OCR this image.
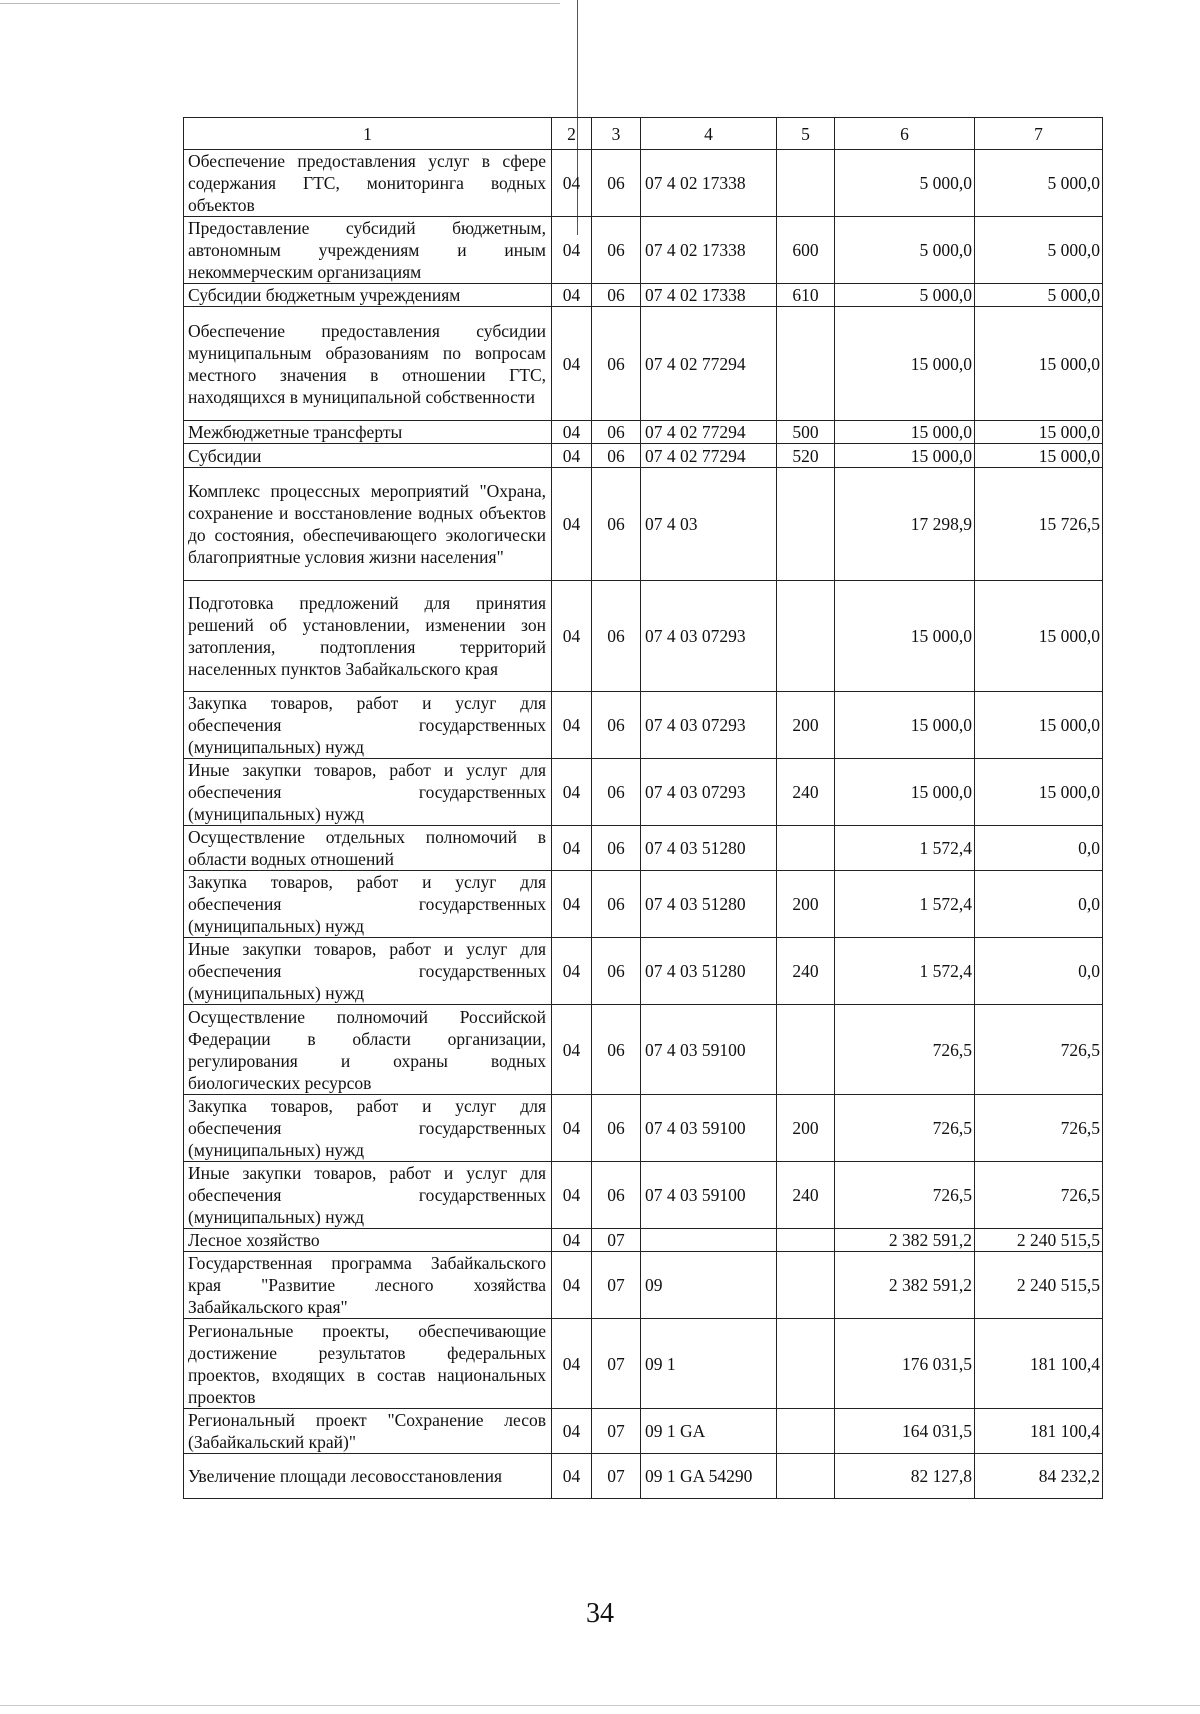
1	2	3	4	5	6	7
Обеспечение предоставления услуг в сфере содержания ГТС, мониторинга водных объектов	04	06	07 4 02 17338		5 000,0	5 000,0
Предоставление субсидий бюджетным, автономным учреждениям и иным некоммерческим организациям	04	06	07 4 02 17338	600	5 000,0	5 000,0
Субсидии бюджетным учреждениям	04	06	07 4 02 17338	610	5 000,0	5 000,0
Обеспечение предоставления субсидии муниципальным образованиям по вопросам местного значения в отношении ГТС, находящихся в муниципальной собственности	04	06	07 4 02 77294		15 000,0	15 000,0
Межбюджетные трансферты	04	06	07 4 02 77294	500	15 000,0	15 000,0
Субсидии	04	06	07 4 02 77294	520	15 000,0	15 000,0
Комплекс процессных мероприятий "Охрана, сохранение и восстановление водных объектов до состояния, обеспечивающего экологически благоприятные условия жизни населения"	04	06	07 4 03		17 298,9	15 726,5
Подготовка предложений для принятия решений об установлении, изменении зон затопления, подтопления территорий населенных пунктов Забайкальского края	04	06	07 4 03 07293		15 000,0	15 000,0
Закупка товаров, работ и услуг для обеспечения государственных (муниципальных) нужд	04	06	07 4 03 07293	200	15 000,0	15 000,0
Иные закупки товаров, работ и услуг для обеспечения государственных (муниципальных) нужд	04	06	07 4 03 07293	240	15 000,0	15 000,0
Осуществление отдельных полномочий в области водных отношений	04	06	07 4 03 51280		1 572,4	0,0
Закупка товаров, работ и услуг для обеспечения государственных (муниципальных) нужд	04	06	07 4 03 51280	200	1 572,4	0,0
Иные закупки товаров, работ и услуг для обеспечения государственных (муниципальных) нужд	04	06	07 4 03 51280	240	1 572,4	0,0
Осуществление полномочий Российской Федерации в области организации, регулирования и охраны водных биологических ресурсов	04	06	07 4 03 59100		726,5	726,5
Закупка товаров, работ и услуг для обеспечения государственных (муниципальных) нужд	04	06	07 4 03 59100	200	726,5	726,5
Иные закупки товаров, работ и услуг для обеспечения государственных (муниципальных) нужд	04	06	07 4 03 59100	240	726,5	726,5
Лесное хозяйство	04	07			2 382 591,2	2 240 515,5
Государственная программа Забайкальского края "Развитие лесного хозяйства Забайкальского края"	04	07	09		2 382 591,2	2 240 515,5
Региональные проекты, обеспечивающие достижение результатов федеральных проектов, входящих в состав национальных проектов	04	07	09 1		176 031,5	181 100,4
Региональный проект "Сохранение лесов (Забайкальский край)"	04	07	09 1 GA		164 031,5	181 100,4
Увеличение площади лесовосстановления	04	07	09 1 GA 54290		82 127,8	84 232,2
34
